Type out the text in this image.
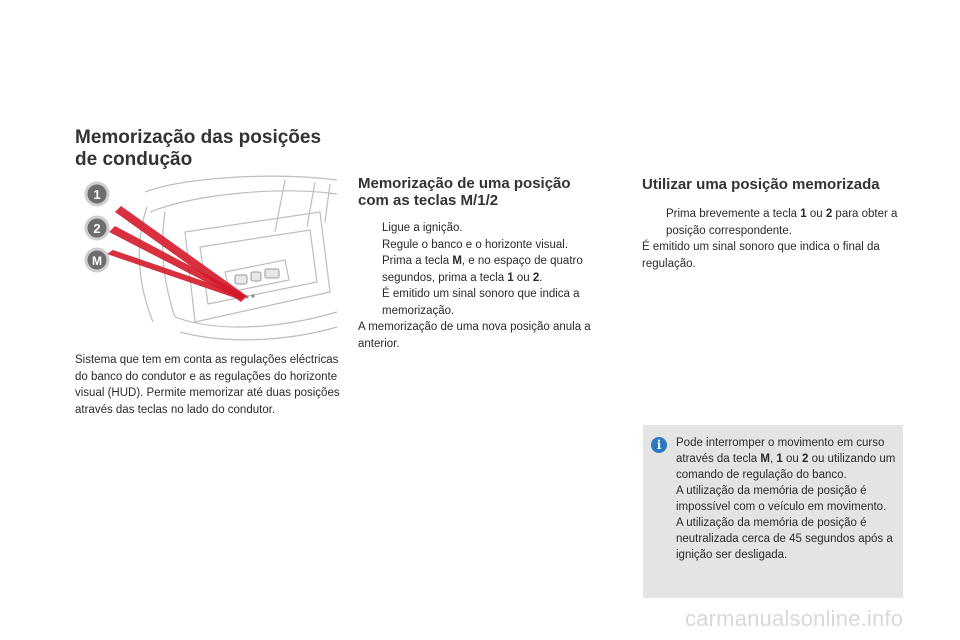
Memorização das posições
de condução
1
2
M

Sistema que tem em conta as regulações eléctricas do banco do condutor e as regulações do horizonte visual (HUD). Permite memorizar até duas posições através das teclas no lado do condutor.

Memorização de uma posição
com as teclas M/1/2
Ligue a ignição.
Regule o banco e o horizonte visual.
Prima a tecla M, e no espaço de quatro segundos, prima a tecla 1 ou 2.
É emitido um sinal sonoro que indica a memorização.

A memorização de uma nova posição anula a anterior.

Utilizar uma posição memorizada
Prima brevemente a tecla 1 ou 2 para obter a posição correspondente.

É emitido um sinal sonoro que indica o final da regulação.

i	Pode interromper o movimento em curso através da tecla M, 1 ou 2 ou utilizando um comando de regulação do banco.

A utilização da memória de posição é impossível com o veículo em movimento.

A utilização da memória de posição é neutralizada cerca de 45 segundos após a ignição ser desligada.

carmanualsonline.info
